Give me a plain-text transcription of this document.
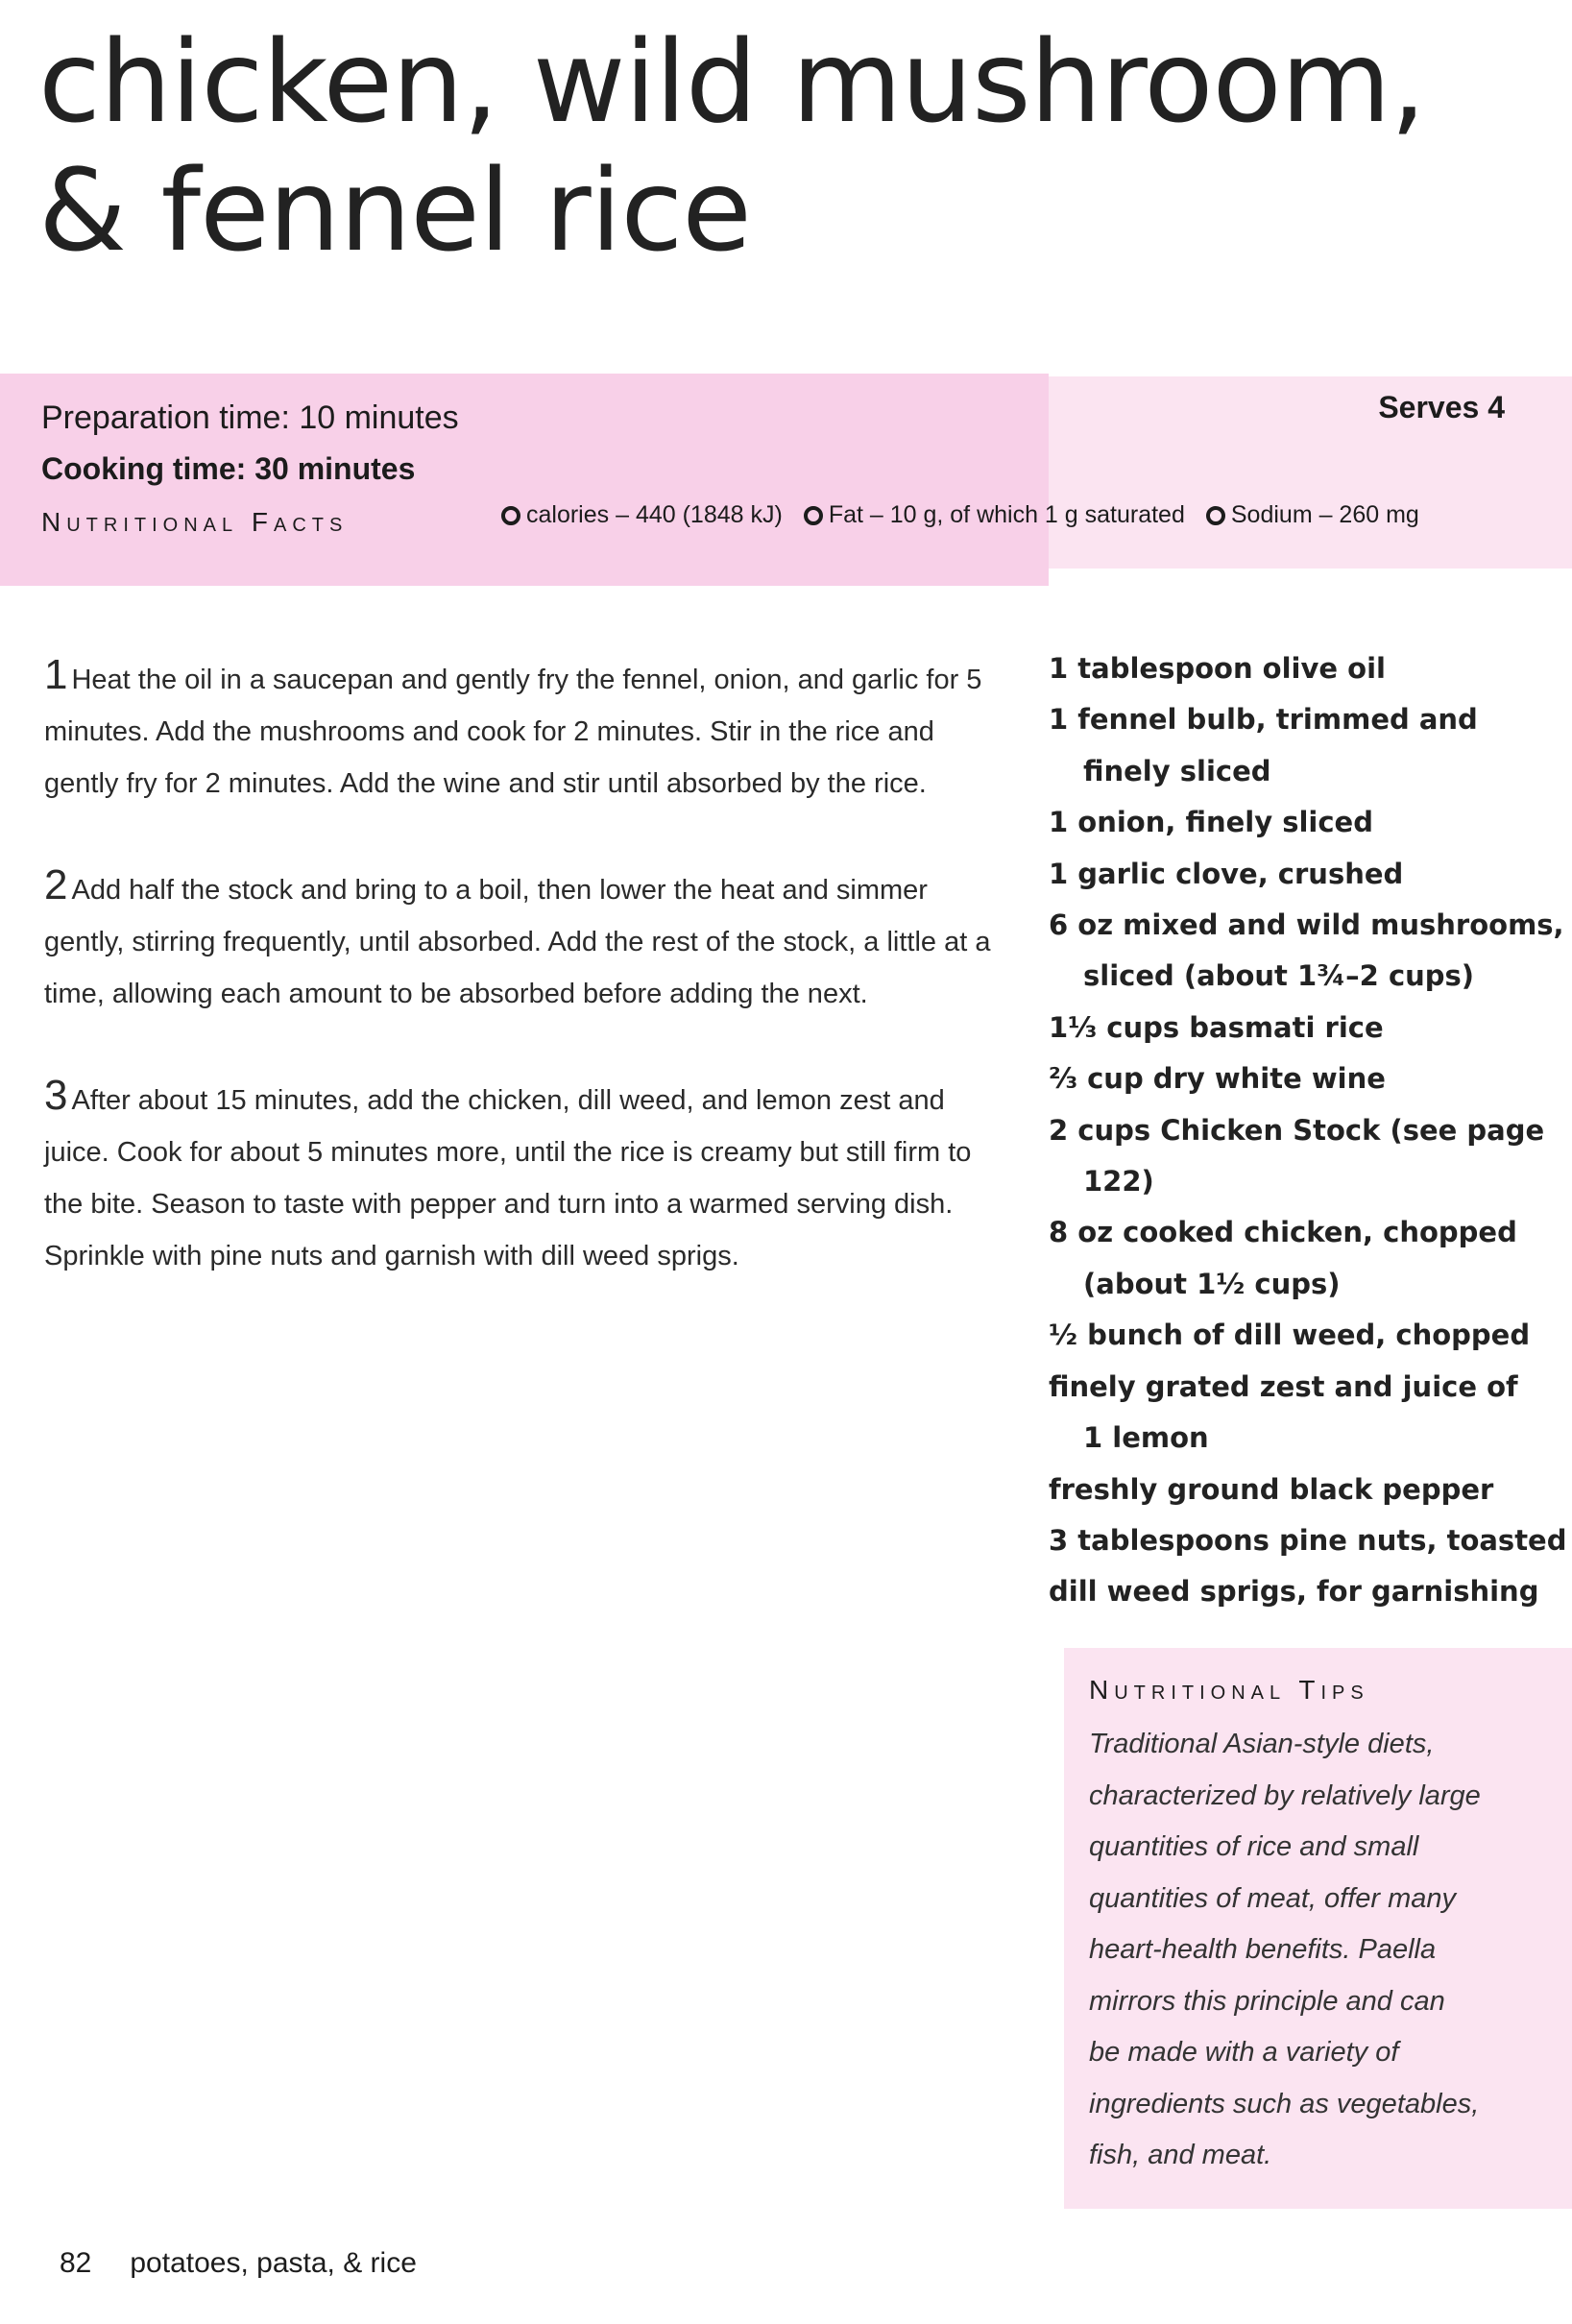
chicken, wild mushroom,
& fennel rice
Preparation time: 10 minutes
Cooking time: 30 minutes
Nutritional Facts	calories – 440 (1848 kJ) Fat – 10 g, of which 1 g saturated Sodium – 260 mg
Serves 4
1 Heat the oil in a saucepan and gently fry the fennel, onion, and garlic for 5 minutes. Add the mushrooms and cook for 2 minutes. Stir in the rice and gently fry for 2 minutes. Add the wine and stir until absorbed by the rice.
2 Add half the stock and bring to a boil, then lower the heat and simmer gently, stirring frequently, until absorbed. Add the rest of the stock, a little at a time, allowing each amount to be absorbed before adding the next.
3 After about 15 minutes, add the chicken, dill weed, and lemon zest and juice. Cook for about 5 minutes more, until the rice is creamy but still firm to the bite. Season to taste with pepper and turn into a warmed serving dish. Sprinkle with pine nuts and garnish with dill weed sprigs.
1 tablespoon olive oil
1 fennel bulb, trimmed and
finely sliced
1 onion, finely sliced
1 garlic clove, crushed
6 oz mixed and wild mushrooms,
sliced (about 1¾–2 cups)
1⅓ cups basmati rice
⅔ cup dry white wine
2 cups Chicken Stock (see page
122)
8 oz cooked chicken, chopped
(about 1½ cups)
½ bunch of dill weed, chopped
finely grated zest and juice of
1 lemon
freshly ground black pepper
3 tablespoons pine nuts, toasted
dill weed sprigs, for garnishing
Nutritional Tips
Traditional Asian-style diets,
characterized by relatively large
quantities of rice and small
quantities of meat, offer many
heart-health benefits. Paella
mirrors this principle and can
be made with a variety of
ingredients such as vegetables,
fish, and meat.
82 potatoes, pasta, & rice
